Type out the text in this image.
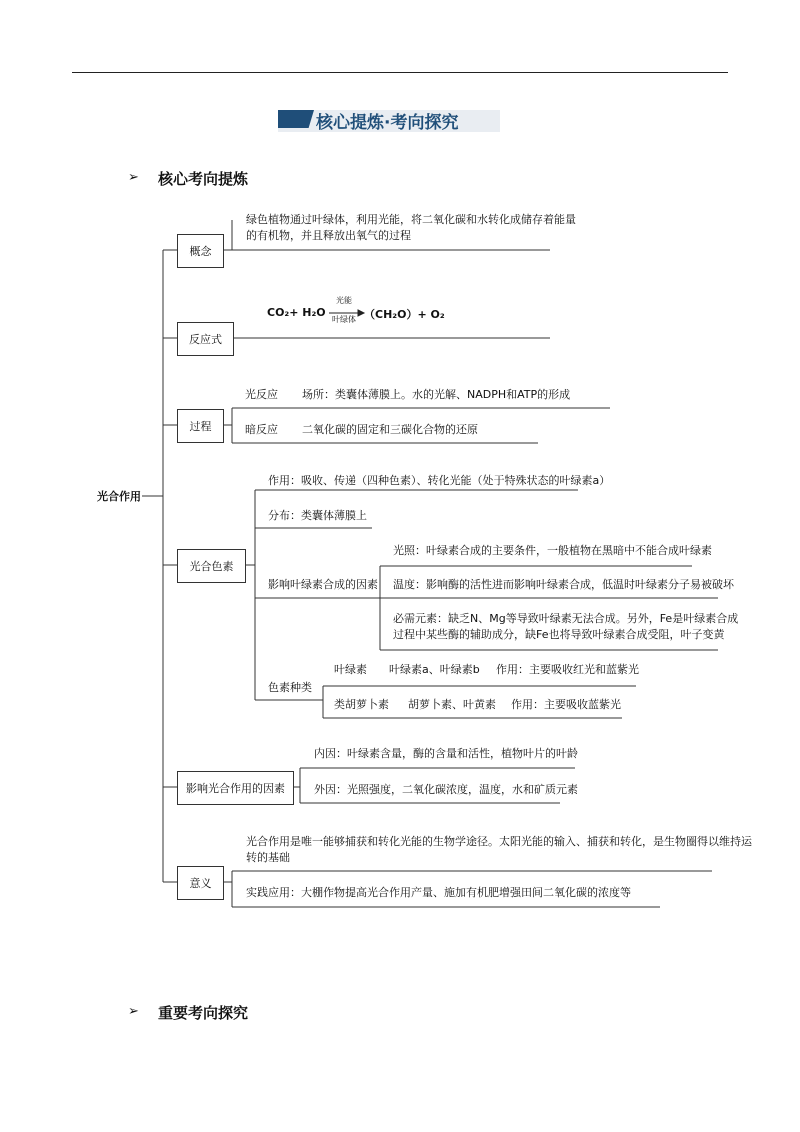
核心提炼·考向探究
➢ 核心考向提炼
光合作用
概念
绿色植物通过叶绿体，利用光能，将二氧化碳和水转化成储存着能量
的有机物，并且释放出氧气的过程
反应式
CO₂+ H₂O
光能
叶绿体 （CH₂O）+ O₂
过程
光反应 场所：类囊体薄膜上。水的光解、NADPH和ATP的形成
暗反应 二氧化碳的固定和三碳化合物的还原
光合色素
作用：吸收、传递（四种色素）、转化光能（处于特殊状态的叶绿素a）
分布：类囊体薄膜上
影响叶绿素合成的因素
光照：叶绿素合成的主要条件，一般植物在黑暗中不能合成叶绿素
温度：影响酶的活性进而影响叶绿素合成，低温时叶绿素分子易被破坏
必需元素：缺乏N、Mg等导致叶绿素无法合成。另外，Fe是叶绿素合成
过程中某些酶的辅助成分，缺Fe也将导致叶绿素合成受阻，叶子变黄
色素种类
叶绿素 叶绿素a、叶绿素b 作用：主要吸收红光和蓝紫光
类胡萝卜素 胡萝卜素、叶黄素 作用：主要吸收蓝紫光
影响光合作用的因素
内因：叶绿素含量，酶的含量和活性，植物叶片的叶龄
外因：光照强度，二氧化碳浓度，温度，水和矿质元素
意义
光合作用是唯一能够捕获和转化光能的生物学途径。太阳光能的输入、捕获和转化，是生物圈得以维持运
转的基础
实践应用：大棚作物提高光合作用产量、施加有机肥增强田间二氧化碳的浓度等
➢ 重要考向探究
